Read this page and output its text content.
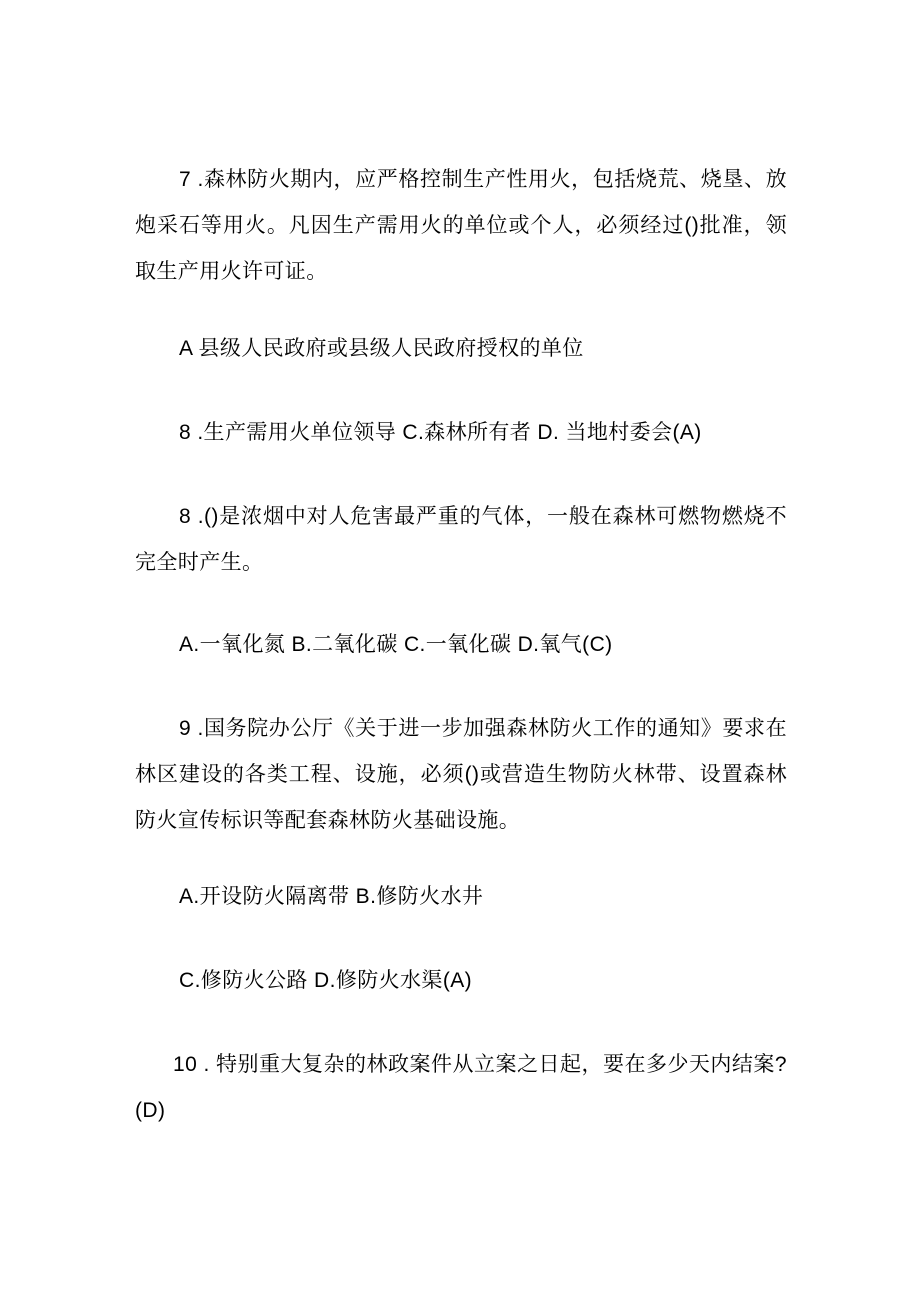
7 .森林防火期内，应严格控制生产性用火，包括烧荒、烧垦、放炮采石等用火。凡因生产需用火的单位或个人，必须经过()批准，领取生产用火许可证。

A 县级人民政府或县级人民政府授权的单位

8 .生产需用火单位领导 C.森林所有者 D. 当地村委会(A)

8 .()是浓烟中对人危害最严重的气体，一般在森林可燃物燃烧不完全时产生。

A.一氧化氮 B.二氧化碳 C.一氧化碳 D.氧气(C)

9 .国务院办公厅《关于进一步加强森林防火工作的通知》要求在林区建设的各类工程、设施，必须()或营造生物防火林带、设置森林防火宣传标识等配套森林防火基础设施。

A.开设防火隔离带 B.修防火水井

C.修防火公路 D.修防火水渠(A)

10 . 特别重大复杂的林政案件从立案之日起，要在多少天内结案?(D)
